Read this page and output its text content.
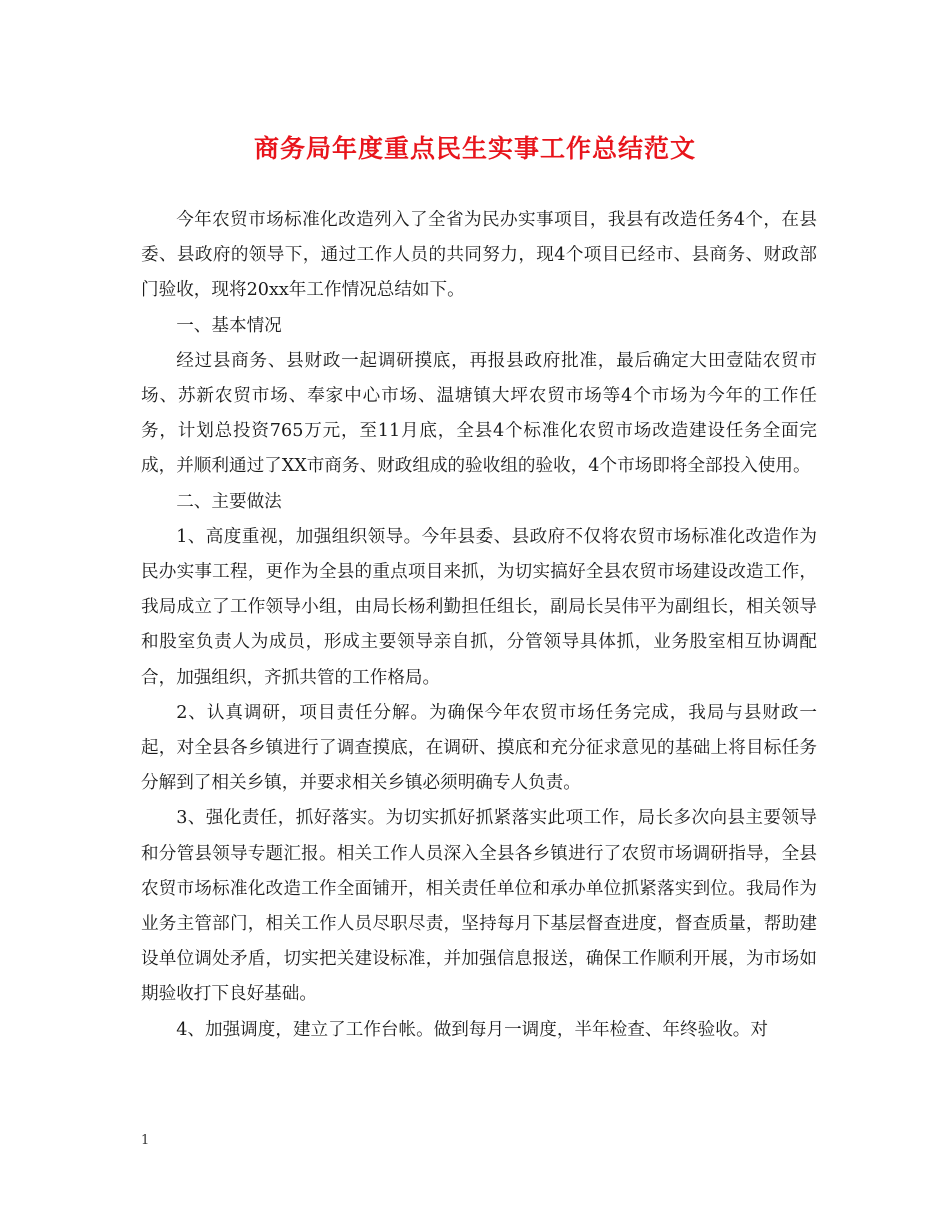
商务局年度重点民生实事工作总结范文

今年农贸市场标准化改造列入了全省为民办实事项目，我县有改造任务4个，在县委、县政府的领导下，通过工作人员的共同努力，现4个项目已经市、县商务、财政部门验收，现将20xx年工作情况总结如下。

一、基本情况

经过县商务、县财政一起调研摸底，再报县政府批准，最后确定大田壹陆农贸市场、苏新农贸市场、奉家中心市场、温塘镇大坪农贸市场等4个市场为今年的工作任务，计划总投资765万元，至11月底，全县4个标准化农贸市场改造建设任务全面完成，并顺利通过了XX市商务、财政组成的验收组的验收，4个市场即将全部投入使用。

二、主要做法

1、高度重视，加强组织领导。今年县委、县政府不仅将农贸市场标准化改造作为民办实事工程，更作为全县的重点项目来抓，为切实搞好全县农贸市场建设改造工作，我局成立了工作领导小组，由局长杨利勤担任组长，副局长吴伟平为副组长，相关领导和股室负责人为成员，形成主要领导亲自抓，分管领导具体抓，业务股室相互协调配合，加强组织，齐抓共管的工作格局。

2、认真调研，项目责任分解。为确保今年农贸市场任务完成，我局与县财政一起，对全县各乡镇进行了调查摸底，在调研、摸底和充分征求意见的基础上将目标任务分解到了相关乡镇，并要求相关乡镇必须明确专人负责。

3、强化责任，抓好落实。为切实抓好抓紧落实此项工作，局长多次向县主要领导和分管县领导专题汇报。相关工作人员深入全县各乡镇进行了农贸市场调研指导，全县农贸市场标准化改造工作全面铺开，相关责任单位和承办单位抓紧落实到位。我局作为业务主管部门，相关工作人员尽职尽责，坚持每月下基层督查进度，督查质量，帮助建设单位调处矛盾，切实把关建设标准，并加强信息报送，确保工作顺利开展，为市场如期验收打下良好基础。

4、加强调度，建立了工作台帐。做到每月一调度，半年检查、年终验收。对

1
